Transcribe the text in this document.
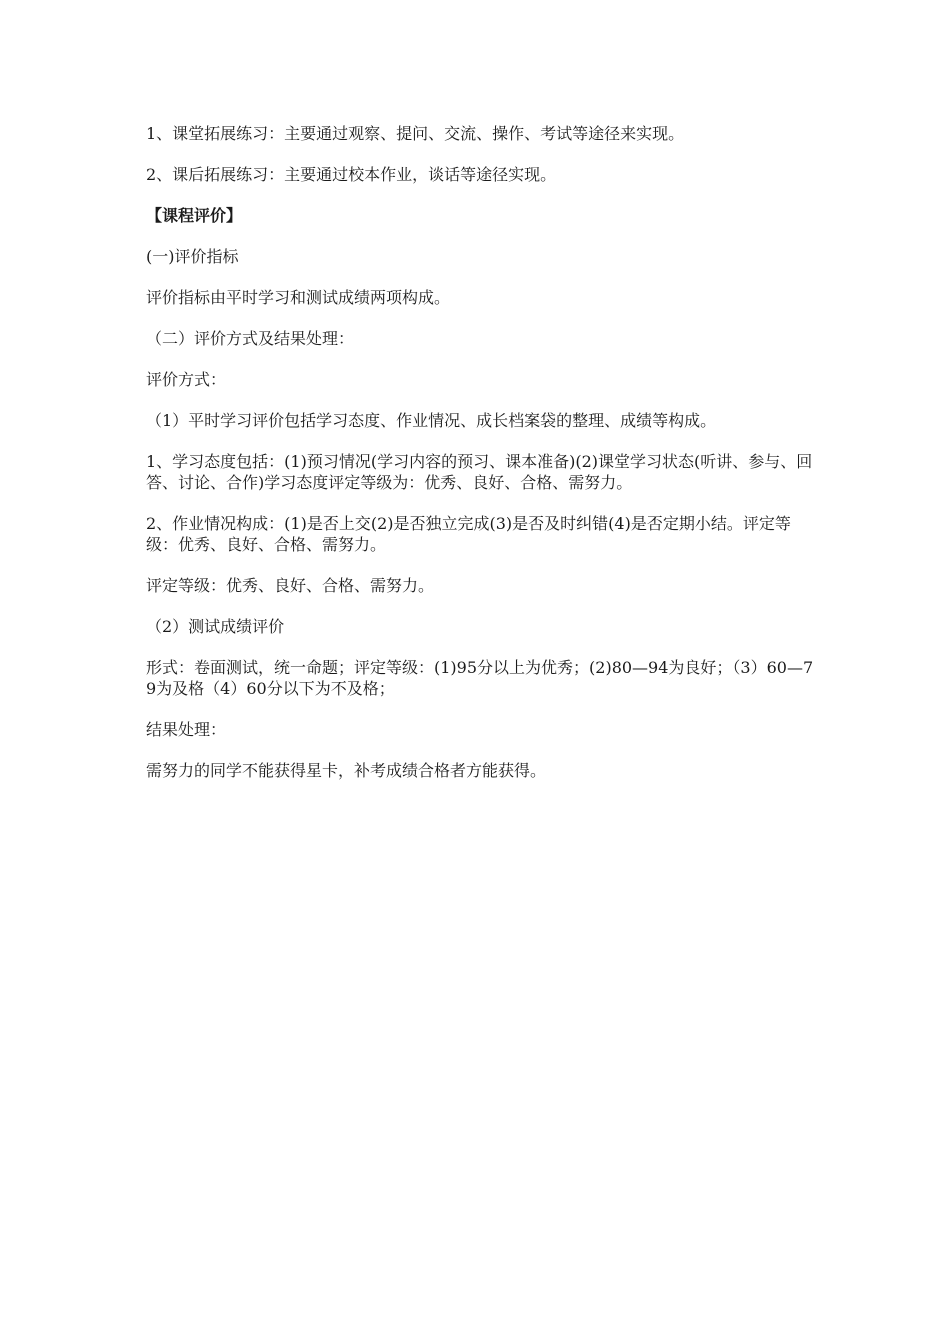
1、课堂拓展练习：主要通过观察、提问、交流、操作、考试等途径来实现。

2、课后拓展练习：主要通过校本作业，谈话等途径实现。

【课程评价】

(一)评价指标

评价指标由平时学习和测试成绩两项构成。

（二）评价方式及结果处理：

评价方式：

（1）平时学习评价包括学习态度、作业情况、成长档案袋的整理、成绩等构成。

1、学习态度包括：(1)预习情况(学习内容的预习、课本准备)(2)课堂学习状态(听讲、参与、回答、讨论、合作)学习态度评定等级为：优秀、良好、合格、需努力。

2、作业情况构成：(1)是否上交(2)是否独立完成(3)是否及时纠错(4)是否定期小结。评定等级：优秀、良好、合格、需努力。

评定等级：优秀、良好、合格、需努力。

（2）测试成绩评价

形式：卷面测试，统一命题；评定等级：(1)95分以上为优秀；(2)80—94为良好；（3）60—79为及格（4）60分以下为不及格；

结果处理：

需努力的同学不能获得星卡，补考成绩合格者方能获得。
